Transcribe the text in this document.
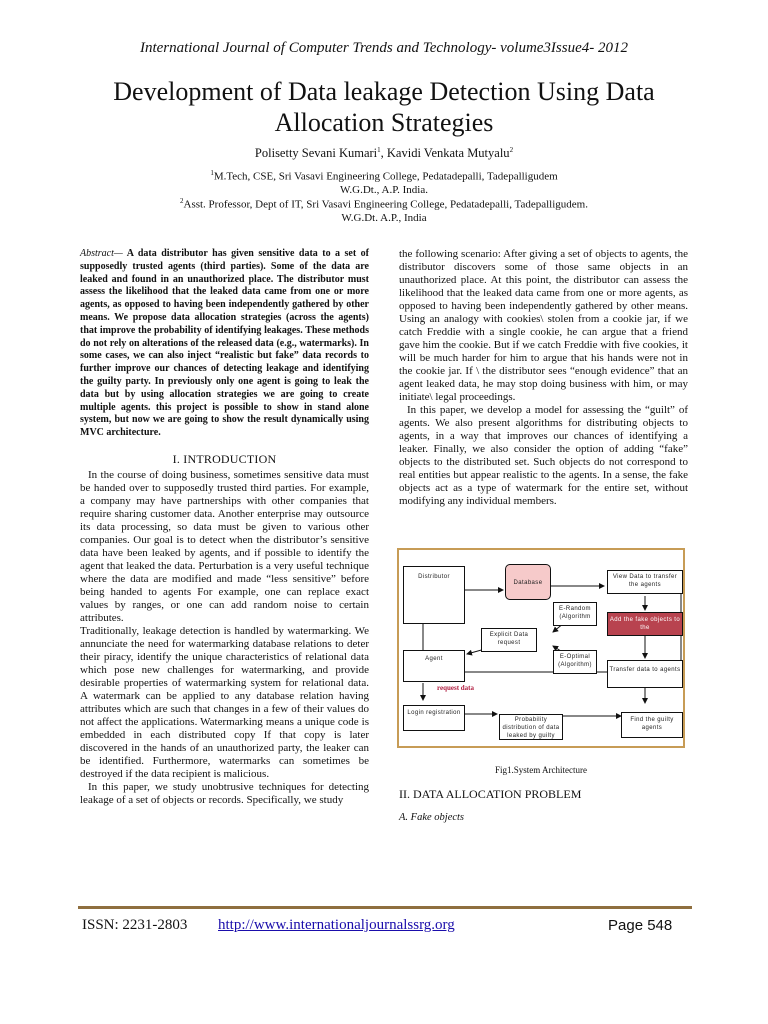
International Journal of Computer Trends and Technology- volume3Issue4- 2012
Development of Data leakage Detection Using Data Allocation Strategies
Polisetty Sevani Kumari$^1$, Kavidi Venkata Mutyalu$^2$
$^1$M.Tech, CSE, Sri Vasavi Engineering College, Pedatadepalli, Tadepalligudem
W.G.Dt., A.P. India.
$^2$Asst. Professor, Dept of IT, Sri Vasavi Engineering College, Pedatadepalli, Tadepalligudem.
W.G.Dt. A.P., India

Abstract— A data distributor has given sensitive data to a set of supposedly trusted agents (third parties). Some of the data are leaked and found in an unauthorized place. The distributor must assess the likelihood that the leaked data came from one or more agents, as opposed to having been independently gathered by other means. We propose data allocation strategies (across the agents) that improve the probability of identifying leakages. These methods do not rely on alterations of the released data (e.g., watermarks). In some cases, we can also inject “realistic but fake” data records to further improve our chances of detecting leakage and identifying the guilty party. In previously only one agent is going to leak the data but by using allocation strategies we are going to create multiple agents. this project is possible to show in stand alone system, but now we are going to show the result dynamically using MVC architecture.

I. INTRODUCTION

In the course of doing business, sometimes sensitive data must be handed over to supposedly trusted third parties. For example, a company may have partnerships with other companies that require sharing customer data. Another enterprise may outsource its data processing, so data must be given to various other companies. Our goal is to detect when the distributor’s sensitive data have been leaked by agents, and if possible to identify the agent that leaked the data. Perturbation is a very useful technique where the data are modified and made “less sensitive” before being handed to agents For example, one can replace exact values by ranges, or one can add random noise to certain attributes.

Traditionally, leakage detection is handled by watermarking. We annunciate the need for watermarking database relations to deter their piracy, identify the unique characteristics of relational data which pose new challenges for watermarking, and provide desirable properties of watermarking system for relational data. A watermark can be applied to any database relation having attributes which are such that changes in a few of their values do not affect the applications. Watermarking means a unique code is embedded in each distributed copy If that copy is later discovered in the hands of an unauthorized party, the leaker can be identified. Furthermore, watermarks can sometimes be destroyed if the data recipient is malicious.

In this paper, we study unobtrusive techniques for detecting leakage of a set of objects or records. Specifically, we study

the following scenario: After giving a set of objects to agents, the distributor discovers some of those same objects in an unauthorized place. At this point, the distributor can assess the likelihood that the leaked data came from one or more agents, as opposed to having been independently gathered by other means. Using an analogy with cookies\ stolen from a cookie jar, if we catch Freddie with a single cookie, he can argue that a friend gave him the cookie. But if we catch Freddie with five cookies, it will be much harder for him to argue that his hands were not in the cookie jar. If \ the distributor sees “enough evidence” that an agent leaked data, he may stop doing business with him, or may initiate\ legal proceedings.

In this paper, we develop a model for assessing the “guilt” of agents. We also present algorithms for distributing objects to agents, in a way that improves our chances of identifying a leaker. Finally, we also consider the option of adding “fake” objects to the distributed set. Such objects do not correspond to real entities but appear realistic to the agents. In a sense, the fake objects act as a type of watermark for the entire set, without modifying any individual members.

Distributor
Database
View Data to transfer the agents
E-Random (Algorithm	Add the fake objects to the
Explicit Data request
Agent	E-Optimal (Algorithm)
Transfer data to agents
request data
Login registration
Probability distribution of data leaked by guilty
Find the guilty agents
Fig1.System Architecture
II. DATA ALLOCATION PROBLEM
A. Fake objects
ISSN: 2231-2803 http://www.internationaljournalssrg.org	Page 548
